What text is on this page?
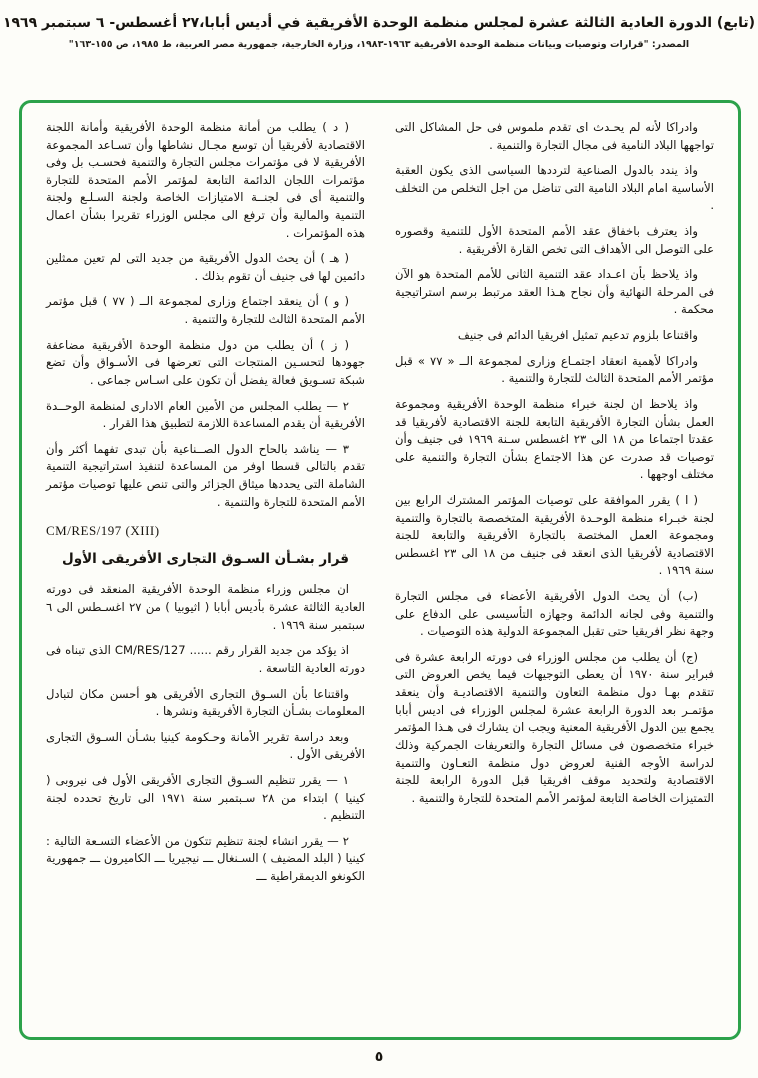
(تابع) الدورة العادية الثالثة عشرة لمجلس منظمة الوحدة الأفريقية في أديس أبابا،٢٧ أغسطس- ٦ سبتمبر ١٩٦٩
المصدر: "قرارات وتوصيات وبيانات منظمة الوحدة الأفريقية ١٩٦٣-١٩٨٣، وزارة الخارجية، جمهورية مصر العربية، ط ١٩٨٥، ص ١٥٥-١٦٣"

وادراكا لأنه لم يحـدث اى تقدم ملموس فى حل المشاكل التى تواجهها البلاد النامية فى مجال التجارة والتنمية .

واذ يندد بالدول الصناعية لترددها السياسى الذى يكون العقبة الأساسية امام البلاد النامية التى تناضل من اجل التخلص من التخلف .

واذ يعترف باخفاق عقد الأمم المتحدة الأول للتنمية وقصوره على التوصل الى الأهداف التى تخص القارة الأفريقية .

واذ يلاحظ بأن اعـداد عقد التنمية الثانى للأمم المتحدة هو الآن فى المرحلة النهائية وأن نجاح هـذا العقد مرتبط برسم استراتيجية محكمة .

واقتناعا بلزوم تدعيم تمثيل افريقيا الدائم فى جنيف

وادراكا لأهمية انعقاد اجتمـاع وزارى لمجموعة الــ « ٧٧ » قبل مؤتمر الأمم المتحدة الثالث للتجارة والتنمية .

واذ يلاحظ ان لجنة خبراء منظمة الوحدة الأفريقية ومجموعة العمل بشأن التجارة الأفريقية التابعة للجنة الاقتصادية لأفريقيا قد عقدتا اجتماعا من ١٨ الى ٢٣ اغسطس سـنة ١٩٦٩ فى جنيف وأن توصيات قد صدرت عن هذا الاجتماع بشأن التجارة والتنمية على مختلف اوجهها .

( ا ) يقرر الموافقة على توصيات المؤتمر المشترك الرابع بين لجنة خبـراء منظمة الوحـدة الأفريقية المتخصصة بالتجارة والتنمية ومجموعة العمل المختصة بالتجارة الأفريقية والتابعة للجنة الاقتصادية لأفريقيا الذى انعقد فى جنيف من ١٨ الى ٢٣ اغسطس سنة ١٩٦٩ .

(ب) أن يحث الدول الأفريقية الأعضاء فى مجلس التجارة والتنمية وفى لجانه الدائمة وجهازه التأسيسى على الدفاع على وجهة نظر افريقيا حتى تقبل المجموعة الدولية هذه التوصيات .

(ج) أن يطلب من مجلس الوزراء فى دورته الرابعة عشرة فى فبراير سنة ١٩٧٠ أن يعطى التوجيهات فيما يخص العروض التى تتقدم بهـا دول منظمة التعاون والتنمية الاقتصاديـة وأن ينعقد مؤتمـر بعد الدورة الرابعة عشرة لمجلس الوزراء فى اديس أبابا يجمع بين الدول الأفريقية المعنية ويجب ان يشارك فى هـذا المؤتمر خبراء متخصصون فى مسائل التجارة والتعريفات الجمركية وذلك لدراسة الأوجه الفنية لعروض دول منظمة التعـاون والتنمية الاقتصادية ولتحديد موقف افريقيا قبل الدورة الرابعة للجنة التمتيزات الخاصة التابعة لمؤتمر الأمم المتحدة للتجارة والتنمية .

( د ) يطلب من أمانة منظمة الوحدة الأفريقية وأمانة اللجنة الاقتصادية لأفريقيا أن توسع مجـال نشاطها وأن تسـاعد المجموعة الأفريقية لا فى مؤتمرات مجلس التجارة والتنمية فحسـب بل وفى مؤتمرات اللجان الدائمة التابعة لمؤتمر الأمم المتحدة للتجارة والتنمية أى فى لجنــة الامتيازات الخاصة ولجنة السـلـع ولجنة التنمية والمالية وأن ترفع الى مجلس الوزراء تقريرا بشأن اعمال هذه المؤتمرات .

( هـ ) أن يحث الدول الأفريقية من جديد التى لم تعين ممثلين دائمين لها فى جنيف أن تقوم بذلك .

( و ) أن ينعقد اجتماع وزارى لمجموعة الــ ( ٧٧ ) قبل مؤتمر الأمم المتحدة الثالث للتجارة والتنمية .

( ز ) أن يطلب من دول منظمة الوحدة الأفريقية مضاعفة جهودها لتحسـين المنتجات التى تعرضها فى الأسـواق وأن تضع شبكة تسـويق فعالة يفضل أن تكون على اسـاس جماعى .

٢ — يطلب المجلس من الأمين العام الادارى لمنظمة الوحــدة الأفريقية أن يقدم المساعدة اللازمة لتطبيق هذا القرار .

٣ — يناشد بالحاح الدول الصــناعية بأن تبدى تفهما أكثر وأن تقدم بالتالى قسطا اوفر من المساعدة لتنفيذ استراتيجية التنمية الشاملة التى يحددها ميثاق الجزائر والتى تنص عليها توصيات مؤتمر الأمم المتحدة للتجارة والتنمية .

CM/RES/197 (XIII)
قرار بشـأن السـوق التجارى الأفريقى الأول

ان مجلس وزراء منظمة الوحدة الأفريقية المنعقد فى دورته العادية الثالثة عشرة بأديس أبابا ( اثيوبيا ) من ٢٧ اغسـطس الى ٦ سبتمبر سنة ١٩٦٩ .

اذ يؤكد من جديد القرار رقم ...... CM/RES/127 الذى تبناه فى دورته العادية التاسعة .

واقتناعا بأن السـوق التجارى الأفريقى هو أحسن مكان لتبادل المعلومات بشـأن التجارة الأفريقية ونشرها .

وبعد دراسة تقرير الأمانة وحـكومة كينيا بشـأن السـوق التجارى الأفريقى الأول .

١ — يقرر تنظيم السـوق التجارى الأفريقى الأول فى نيروبى ( كينيا ) ابتداء من ٢٨ سـبتمبر سنة ١٩٧١ الى تاريخ تحدده لجنة التنظيم .

٢ — يقرر انشاء لجنة تنظيم تتكون من الأعضاء التسـعة التالية : كينيا ( البلد المضيف ) السـنغال ـــ نيجيريا ـــ الكاميرون ـــ جمهورية الكونغو الديمقراطية ـــ

٥
